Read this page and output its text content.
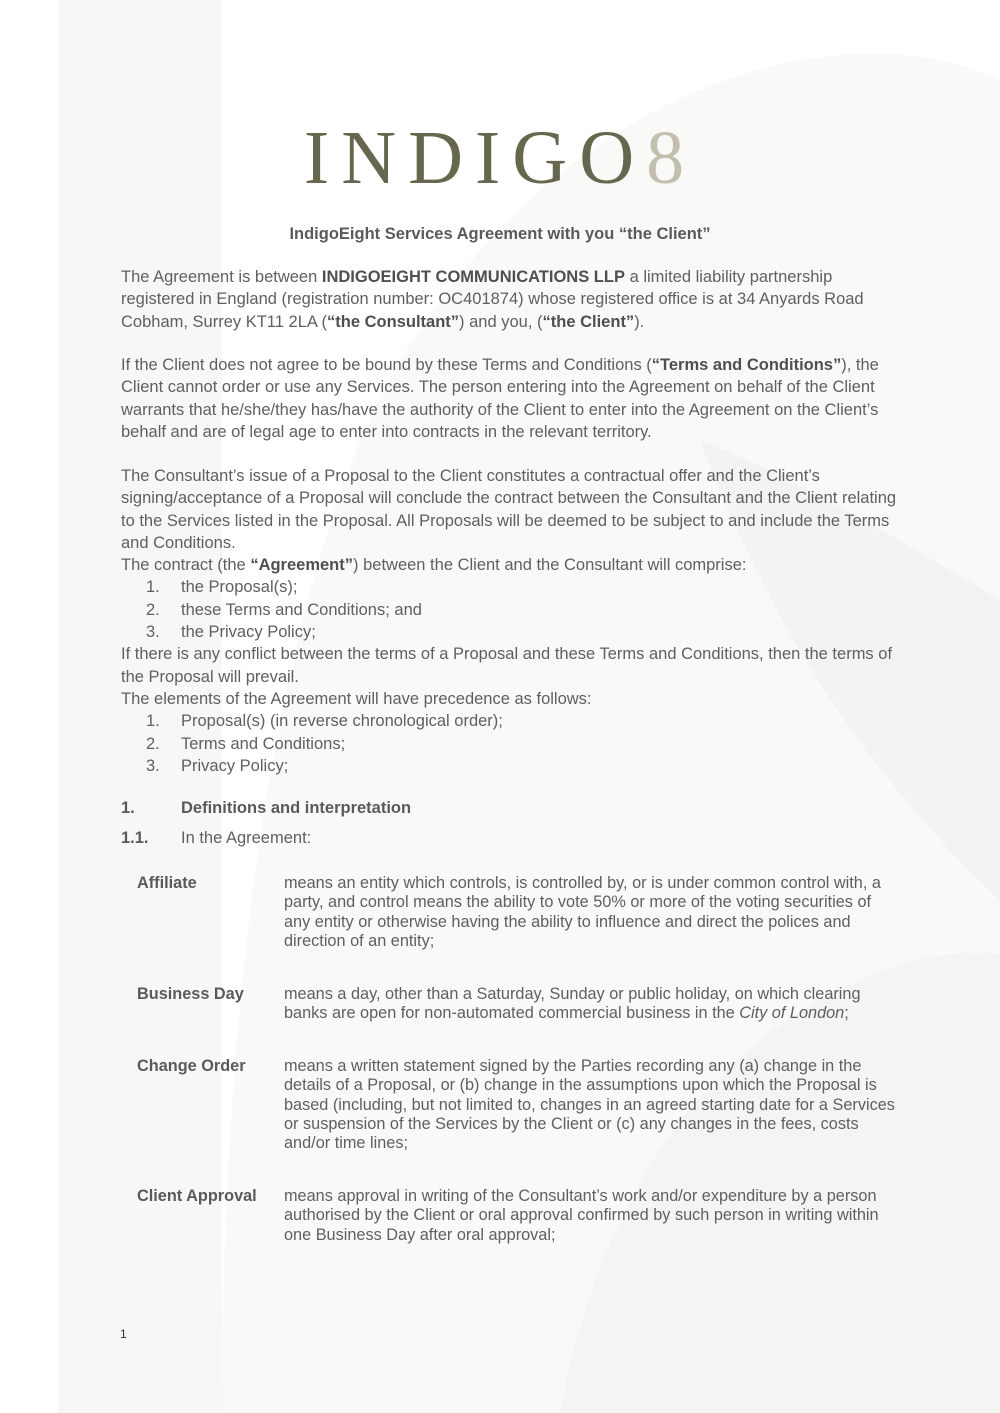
INDIGO8
IndigoEight Services Agreement with you “the Client”

The Agreement is between INDIGOEIGHT COMMUNICATIONS LLP a limited liability partnership registered in England (registration number: OC401874) whose registered office is at 34 Anyards Road Cobham, Surrey KT11 2LA (“the Consultant”) and you, (“the Client”).

If the Client does not agree to be bound by these Terms and Conditions (“Terms and Conditions”), the Client cannot order or use any Services. The person entering into the Agreement on behalf of the Client warrants that he/she/they has/have the authority of the Client to enter into the Agreement on the Client’s behalf and are of legal age to enter into contracts in the relevant territory.

The Consultant’s issue of a Proposal to the Client constitutes a contractual offer and the Client’s signing/acceptance of a Proposal will conclude the contract between the Consultant and the Client relating to the Services listed in the Proposal. All Proposals will be deemed to be subject to and include the Terms and Conditions.

The contract (the “Agreement”) between the Client and the Consultant will comprise:

1. the Proposal(s);
2. these Terms and Conditions; and
3. the Privacy Policy;

If there is any conflict between the terms of a Proposal and these Terms and Conditions, then the terms of the Proposal will prevail.

The elements of the Agreement will have precedence as follows:

1. Proposal(s) (in reverse chronological order);
2. Terms and Conditions;
3. Privacy Policy;
1.	Definitions and interpretation
1.1. In the Agreement:
Affiliate	means an entity which controls, is controlled by, or is under common control with, a party, and control means the ability to vote 50% or more of the voting securities of any entity or otherwise having the ability to influence and direct the polices and direction of an entity;
Business Day means a day, other than a Saturday, Sunday or public holiday, on which clearing banks are open for non-automated commercial business in the City of London;
Change Order means a written statement signed by the Parties recording any (a) change in the details of a Proposal, or (b) change in the assumptions upon which the Proposal is based (including, but not limited to, changes in an agreed starting date for a Services or suspension of the Services by the Client or (c) any changes in the fees, costs and/or time lines;
Client Approval means approval in writing of the Consultant’s work and/or expenditure by a person authorised by the Client or oral approval confirmed by such person in writing within one Business Day after oral approval;
1
